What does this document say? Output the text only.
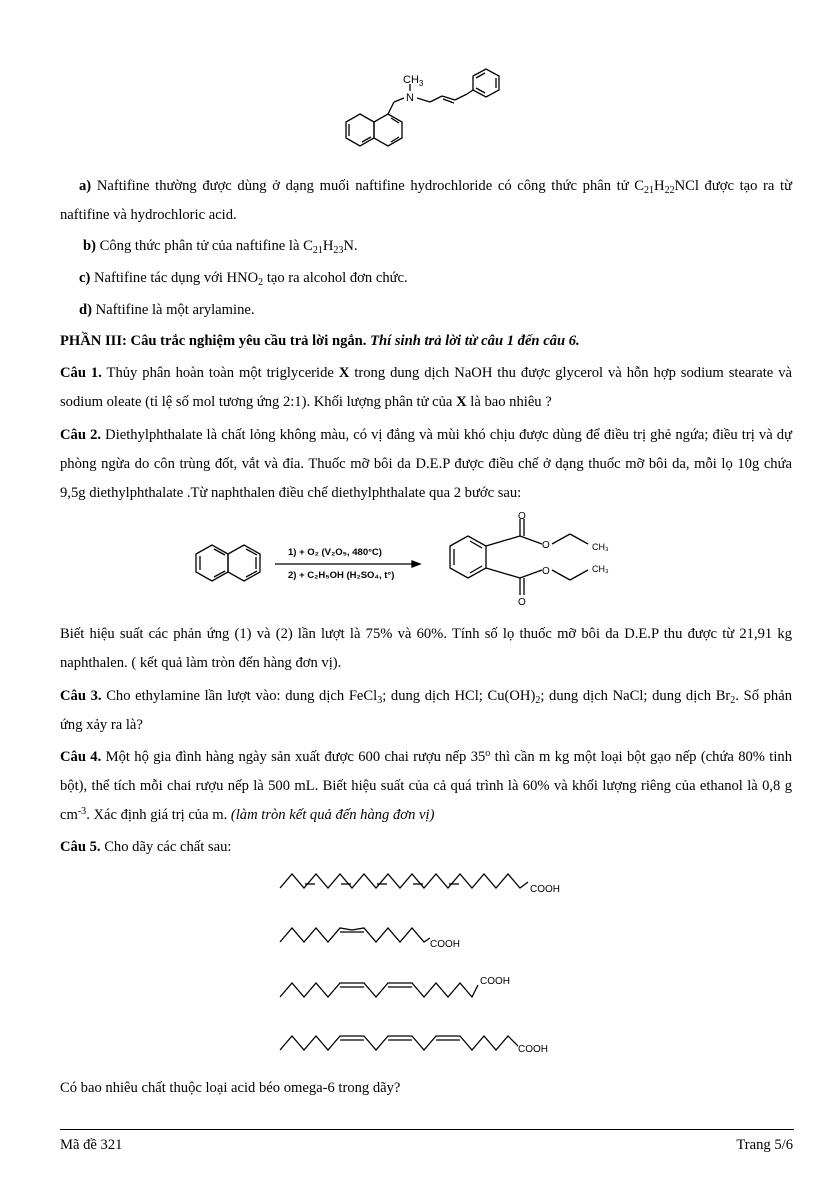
$CH_3$
N
a) Naftifine thường được dùng ở dạng muối naftifine hydrochloride có công thức phân tử $C_{21}H_{22}NCl$ được tạo ra từ naftifine và hydrochloric acid.
b) Công thức phân tử của naftifine là $C_{21}H_{23}N$.
c) Naftifine tác dụng với $HNO_2$ tạo ra alcohol đơn chức.
d) Naftifine là một arylamine.
PHẦN III: Câu trắc nghiệm yêu cầu trả lời ngắn. Thí sinh trả lời từ câu 1 đến câu 6.
Câu 1. Thủy phân hoàn toàn một triglyceride X trong dung dịch NaOH thu được glycerol và hỗn hợp sodium stearate và sodium oleate (tỉ lệ số mol tương ứng 2:1). Khối lượng phân tử của X là bao nhiêu ?
Câu 2. Diethylphthalate là chất lỏng không màu, có vị đắng và mùi khó chịu được dùng để điều trị ghẻ ngứa; điều trị và dự phòng ngừa do côn trùng đốt, vắt và đỉa. Thuốc mỡ bôi da D.E.P được điều chế ở dạng thuốc mỡ bôi da, mỗi lọ 10g chứa 9,5g diethylphthalate .Từ naphthalen điều chế diethylphthalate qua 2 bước sau:
1) + O₂ (V₂O₅, 480°C)
2) + C₂H₅OH (H₂SO₄, t°)
O
O	CH₃
O	CH₃
O
Biết hiệu suất các phản ứng (1) và (2) lần lượt là 75% và 60%. Tính số lọ thuốc mỡ bôi da D.E.P thu được từ 21,91 kg naphthalen. ( kết quả làm tròn đến hàng đơn vị).
Câu 3. Cho ethylamine lần lượt vào: dung dịch FeCl$_3$; dung dịch HCl; $Cu(OH)_2$; dung dịch NaCl; dung dịch $Br_2$. Số phản ứng xảy ra là?
Câu 4. Một hộ gia đình hàng ngày sản xuất được 600 chai rượu nếp 35$^o$ thì cần m kg một loại bột gạo nếp (chứa 80% tinh bột), thể tích mỗi chai rượu nếp là 500 mL. Biết hiệu suất của cả quá trình là 60% và khối lượng riêng của ethanol là 0,8 g $cm^{-3}$. Xác định giá trị của m. (làm tròn kết quả đến hàng đơn vị)
Câu 5. Cho dãy các chất sau:
COOH
COOH
COOH
COOH
Có bao nhiêu chất thuộc loại acid béo omega-6 trong dãy?
Mã đề 321	Trang 5/6
